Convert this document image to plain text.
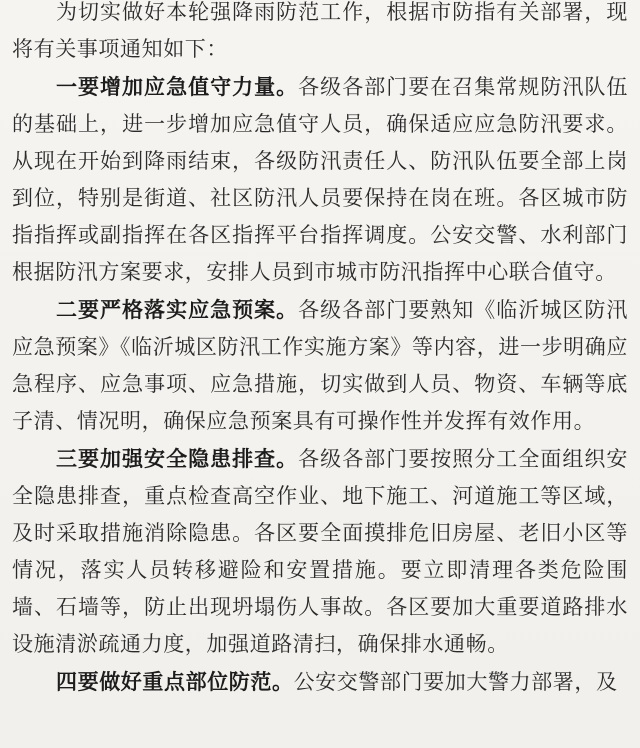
为切实做好本轮强降雨防范工作，根据市防指有关部署，现将有关事项通知如下：

一要增加应急值守力量。各级各部门要在召集常规防汛队伍的基础上，进一步增加应急值守人员，确保适应应急防汛要求。从现在开始到降雨结束，各级防汛责任人、防汛队伍要全部上岗到位，特别是街道、社区防汛人员要保持在岗在班。各区城市防指指挥或副指挥在各区指挥平台指挥调度。公安交警、水利部门根据防汛方案要求，安排人员到市城市防汛指挥中心联合值守。

二要严格落实应急预案。各级各部门要熟知《临沂城区防汛应急预案》《临沂城区防汛工作实施方案》等内容，进一步明确应急程序、应急事项、应急措施，切实做到人员、物资、车辆等底子清、情况明，确保应急预案具有可操作性并发挥有效作用。

三要加强安全隐患排查。各级各部门要按照分工全面组织安全隐患排查，重点检查高空作业、地下施工、河道施工等区域，及时采取措施消除隐患。各区要全面摸排危旧房屋、老旧小区等情况，落实人员转移避险和安置措施。要立即清理各类危险围墙、石墙等，防止出现坍塌伤人事故。各区要加大重要道路排水设施清淤疏通力度，加强道路清扫，确保排水通畅。

四要做好重点部位防范。公安交警部门要加大警力部署，及
